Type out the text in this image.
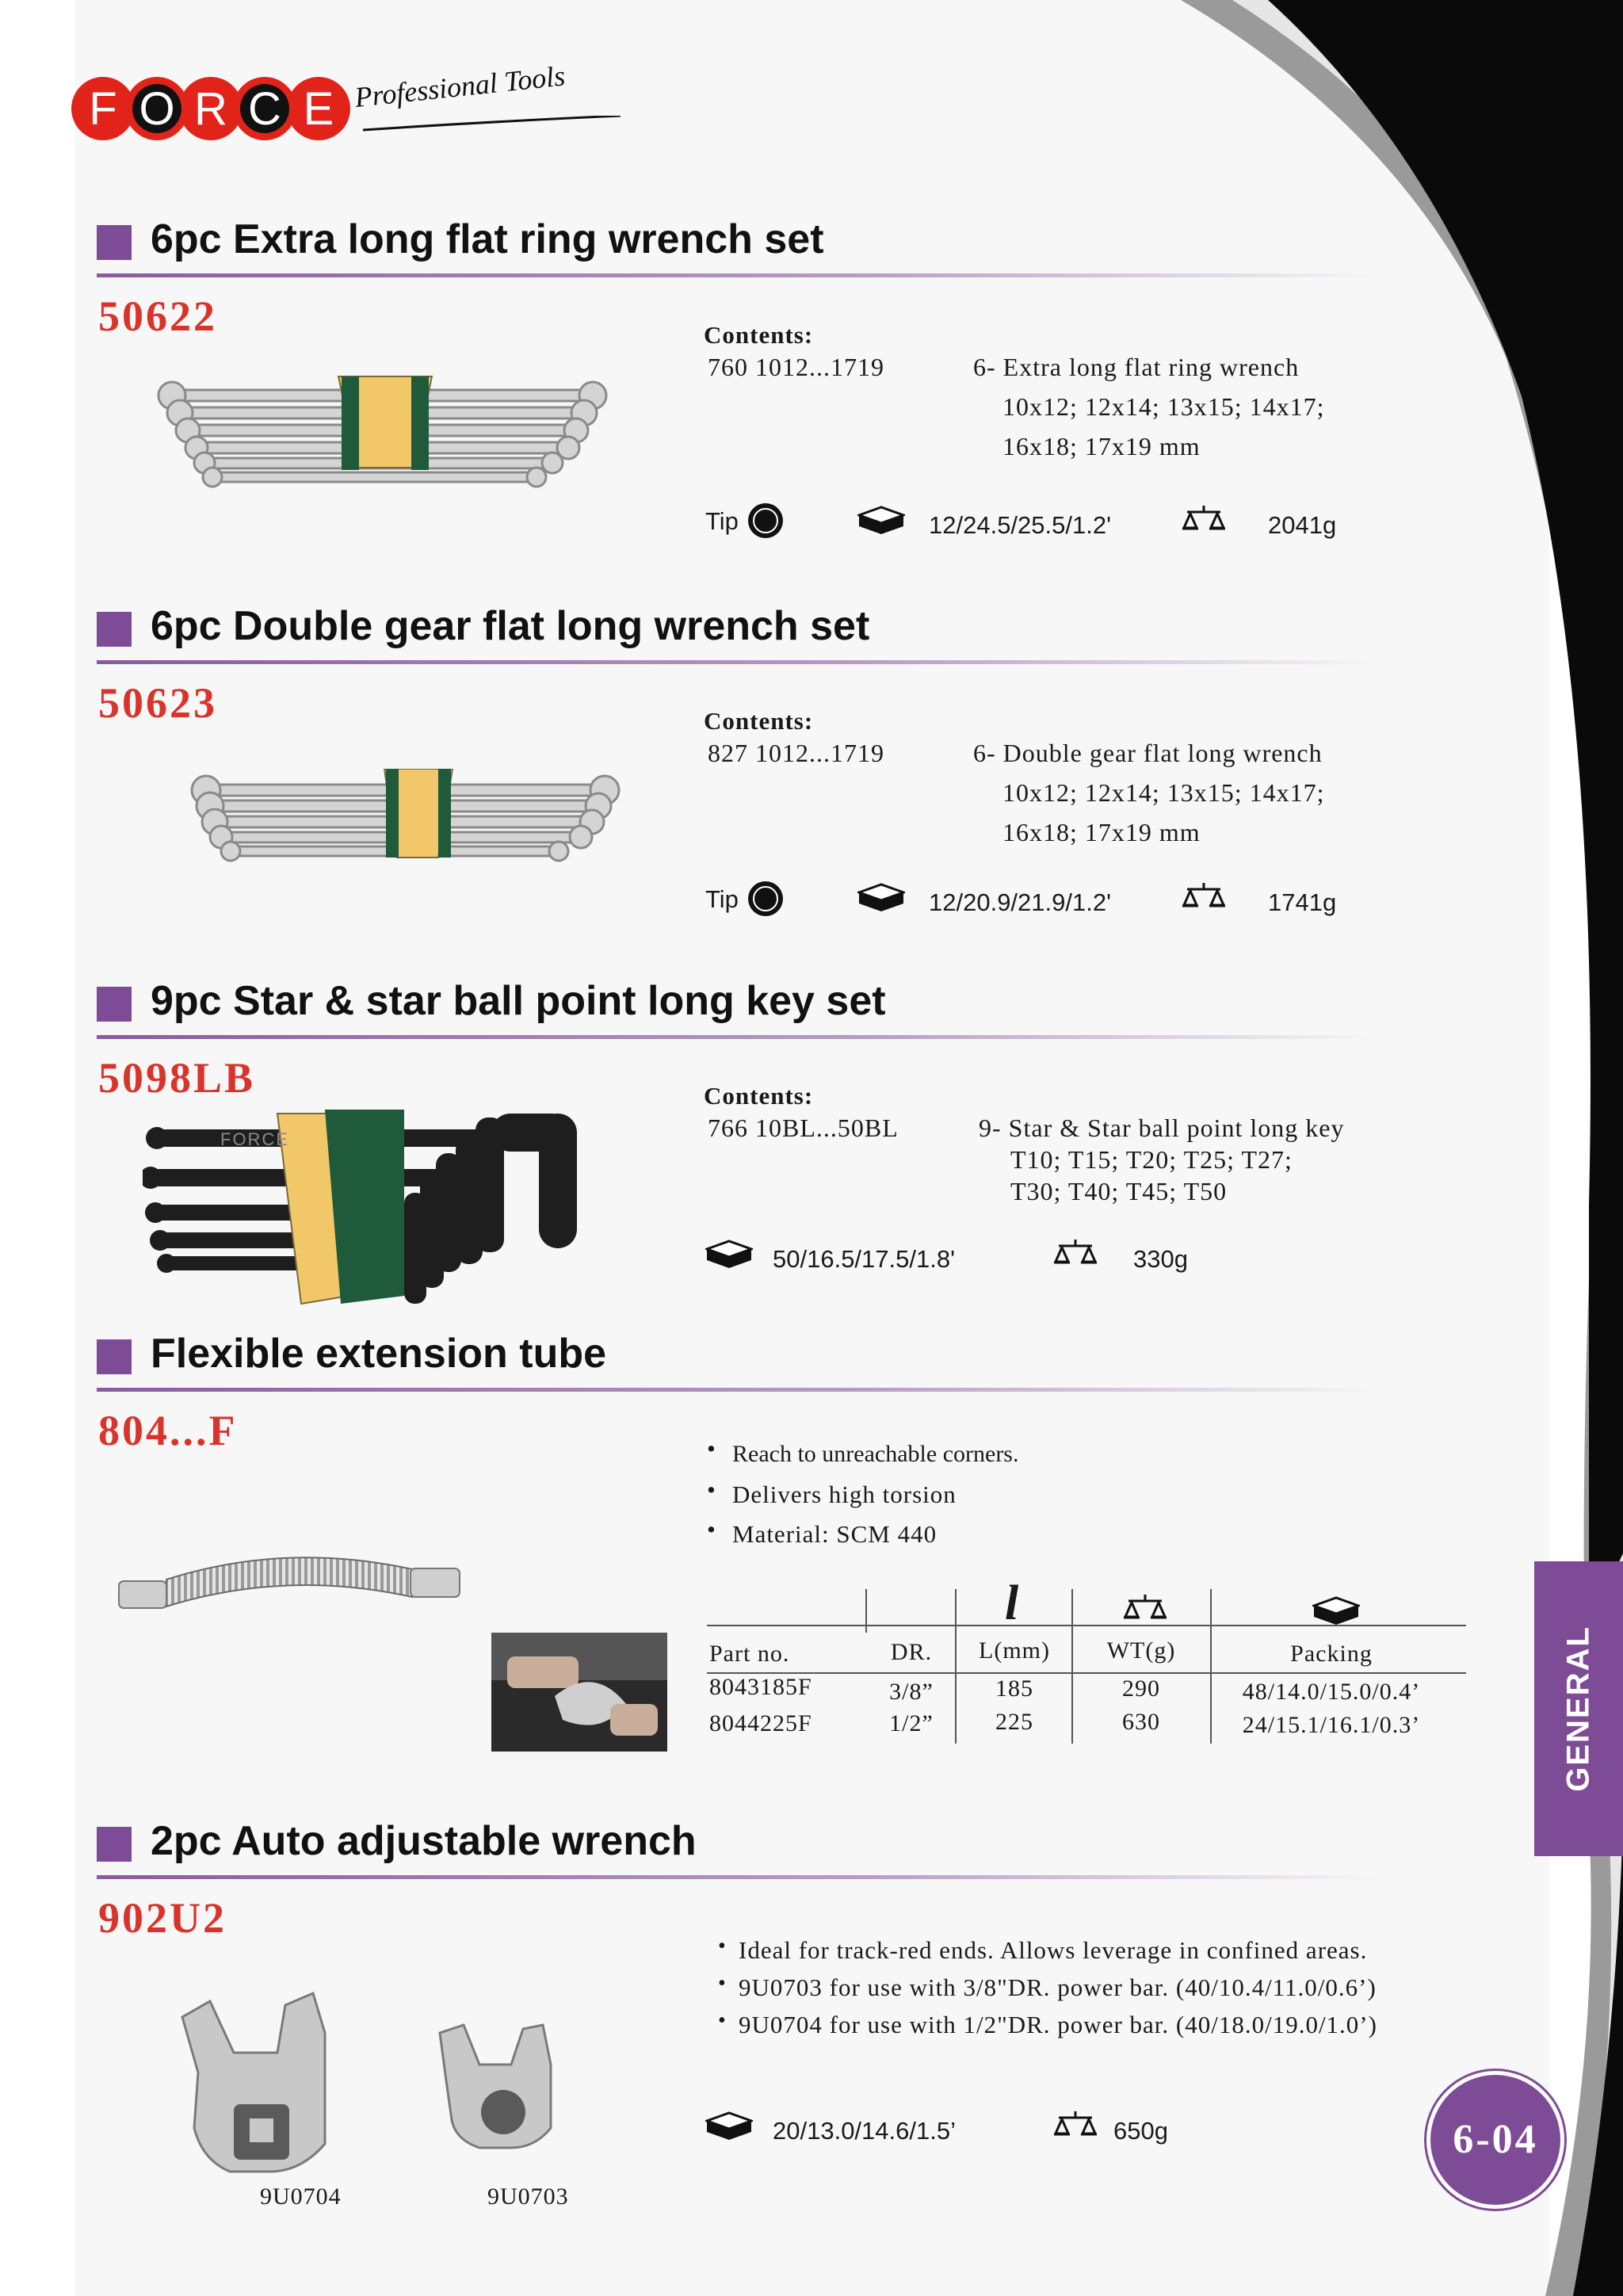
F O R C E Professional Tools
GENERAL
6pc Extra long flat ring wrench set
50622	Contents:
760 1012...1719	6- Extra long flat ring wrench
10x12; 12x14; 13x15; 14x17;
16x18; 17x19 mm
Tip	12/24.5/25.5/1.2'	2041g
6pc Double gear flat long wrench set
50623	Contents:
827 1012...1719	6- Double gear flat long wrench
10x12; 12x14; 13x15; 14x17;
16x18; 17x19 mm
Tip	12/20.9/21.9/1.2'	1741g
9pc Star & star ball point long key set
5098LB
FORCE
Contents:
766 10BL...50BL	9- Star & Star ball point long key
T10; T15; T20; T25; T27;
T30; T40; T45; T50
50/16.5/17.5/1.8'	330g
Flexible extension tube
804...F	• Reach to unreachable corners.
• Delivers high torsion
• Material: SCM 440
l
Part no.	DR.	L(mm)	WT(g)	Packing
8043185F	3/8”	185	290	48/14.0/15.0/0.4’
8044225F	1/2”	225	630	24/15.1/16.1/0.3’
2pc Auto adjustable wrench
902U2
9U0704	9U0703
• Ideal for track-red ends. Allows leverage in confined areas.
• 9U0703 for use with 3/8"DR. power bar. (40/10.4/11.0/0.6’)
• 9U0704 for use with 1/2"DR. power bar. (40/18.0/19.0/1.0’)
20/13.0/14.6/1.5’	650g	6-04
